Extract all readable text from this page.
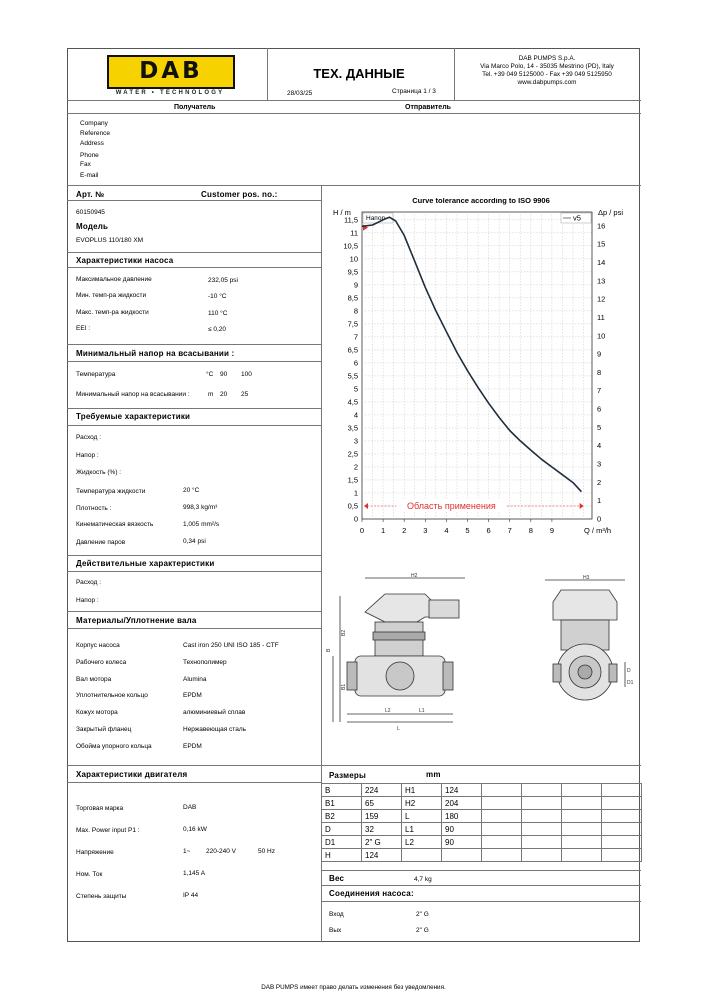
DAB
WATER • TECHNOLOGY
ТЕХ. ДАННЫЕ
28/03/25	Страница 1 / 3
DAB PUMPS S.p.A.
Via Marco Polo, 14 - 35035 Mestrino (PD), Italy
Tel. +39 049 5125000 - Fax +39 049 5125950
www.dabpumps.com
Получатель	Отправитель
Company
Reference
Address
Phone
Fax
E-mail
Арт. №	Customer pos. no.:
60150945
Модель
EVOPLUS 110/180 XM
Характеристики насоса
Максимальное давление	232,05 psi
Мин. темп-ра жидкости	-10 °C
Макс. темп-ра жидкости	110 °C
EEI :	≤ 0,20
Минимальный напор на всасывании :
Температура	°C 90 100
Минимальный напор на всасывании :	m 20 25
Требуемые характеристики
Расход :
Напор :
Жидкость (%) :
Температура жидкости	20 °C
Плотность :	998,3 kg/m³
Кинематическая вязкость	1,005 mm²/s
Давление паров	0,34 psi
Действительные характеристики
Расход :
Напор :
Материалы/Уплотнение вала
Корпус насоса	Cast iron 250 UNI ISO 185 - CTF
Рабочего колеса	Технополимер
Вал мотора	Alumina
Уплотнительное кольцо	EPDM
Кожух мотора	алюминиевый сплав
Закрытый фланец	Нержавеющая сталь
Обойма упорного кольца	EPDM
Характеристики двигателя
Торговая марка	DAB
Max. Power input P1 :	0,16 kW
Напряжение	1~ 220-240 V	50 Hz
Ном. Ток	1,145 A
Степень защиты	IP 44
Размеры	mm
B	224	H1	124				
B1	65	H2	204				
B2	159	L	180				
D	32	L1	90				
D1	2" G	L2	90				
H	124						
Вес	4,7 kg
Соединения насоса:
Вход	2" G
Вых	2" G
Curve tolerance according to ISO 9906
0
0,5
1
1,5
2
2,5
3
3,5
4
4,5
5
5,5
6
6,5
7
7,5
8
8,5
9
9,5
10
10,5
11
11,5
0
1
2
3
4
5
6
7
8
9
10
11
12
13
14
15
16
0 1 2 3 4 5 6 7 8 9
H / m	Δp / psi
Q / m³/h
Напор	v5
Область применения
H2
L2	L1
L
B
B2
B1
H3
D
D1
DAB PUMPS имеет право делать изменения без уведомления.
